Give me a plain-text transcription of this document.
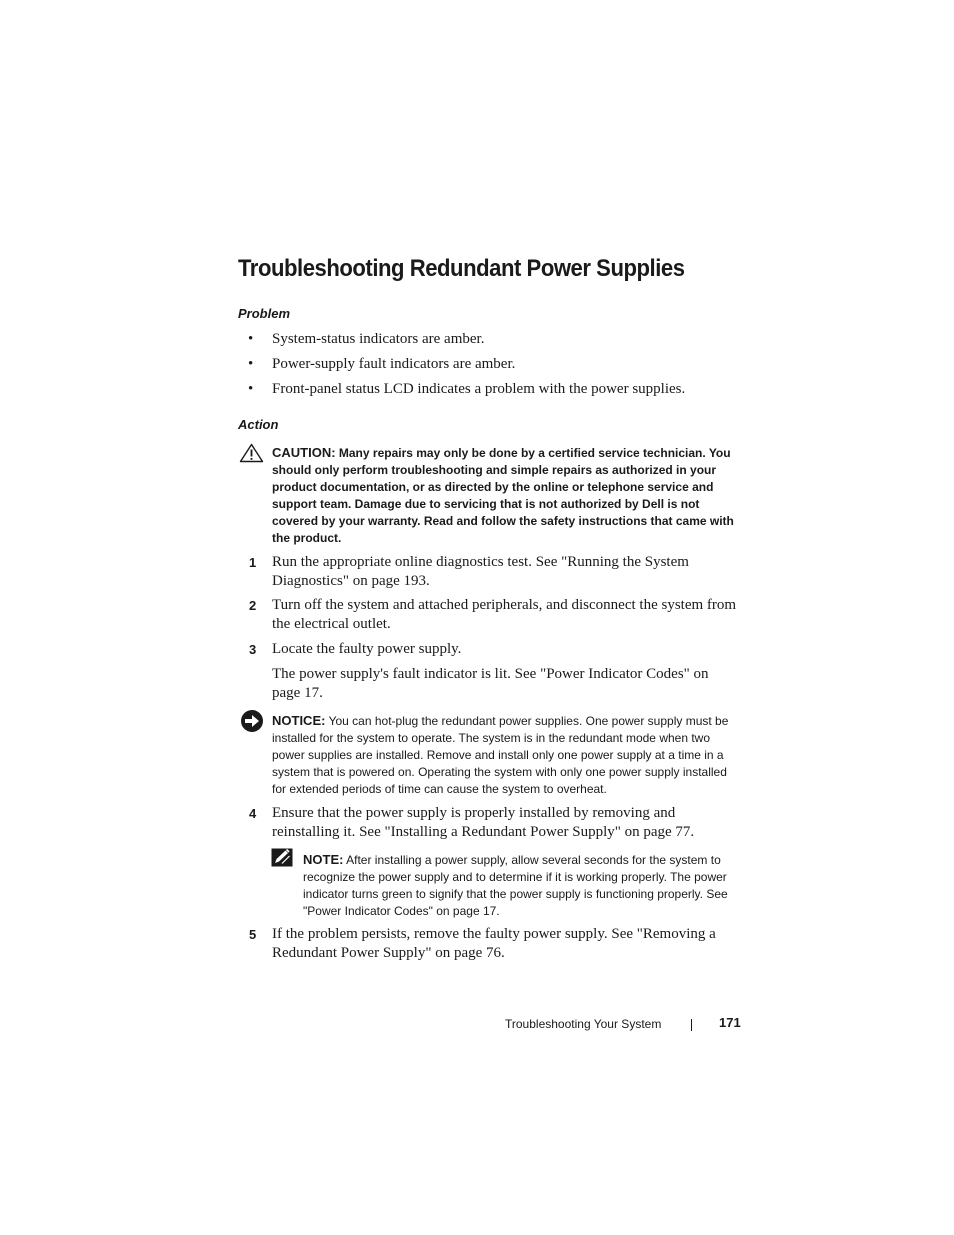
Troubleshooting Redundant Power Supplies
Problem
• System-status indicators are amber.
• Power-supply fault indicators are amber.
• Front-panel status LCD indicates a problem with the power supplies.
Action
CAUTION: Many repairs may only be done by a certified service technician. You should only perform troubleshooting and simple repairs as authorized in your product documentation, or as directed by the online or telephone service and support team. Damage due to servicing that is not authorized by Dell is not covered by your warranty. Read and follow the safety instructions that came with the product.
1 Run the appropriate online diagnostics test. See "Running the System Diagnostics" on page 193.
2 Turn off the system and attached peripherals, and disconnect the system from the electrical outlet.
3 Locate the faulty power supply.
The power supply's fault indicator is lit. See "Power Indicator Codes" on page 17.
NOTICE: You can hot-plug the redundant power supplies. One power supply must be installed for the system to operate. The system is in the redundant mode when two power supplies are installed. Remove and install only one power supply at a time in a system that is powered on. Operating the system with only one power supply installed for extended periods of time can cause the system to overheat.
4 Ensure that the power supply is properly installed by removing and reinstalling it. See "Installing a Redundant Power Supply" on page 77.
NOTE: After installing a power supply, allow several seconds for the system to recognize the power supply and to determine if it is working properly. The power indicator turns green to signify that the power supply is functioning properly. See "Power Indicator Codes" on page 17.
5 If the problem persists, remove the faulty power supply. See "Removing a Redundant Power Supply" on page 76.
Troubleshooting Your System	171
